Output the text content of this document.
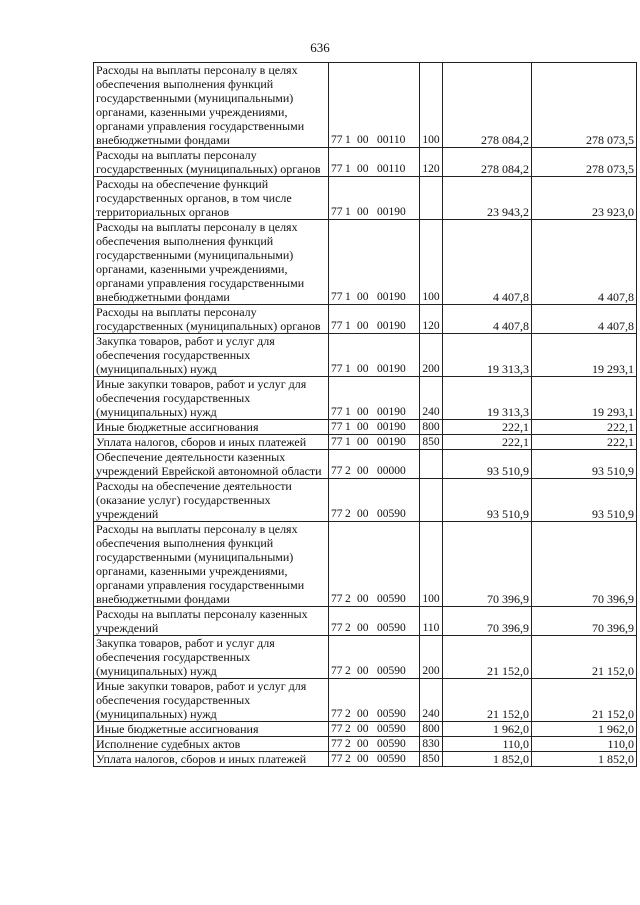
636
Расходы на выплаты персоналу в целях обеспечения выполнения функций государственными (муниципальными) органами, казенными учреждениями, органами управления государственными внебюджетными фондами	77 1 00 00110	100	278 084,2	278 073,5
Расходы на выплаты персоналу государственных (муниципальных) органов	77 1 00 00110	120	278 084,2	278 073,5
Расходы на обеспечение функций государственных органов, в том числе территориальных органов	77 1 00 00190		23 943,2	23 923,0
Расходы на выплаты персоналу в целях обеспечения выполнения функций государственными (муниципальными) органами, казенными учреждениями, органами управления государственными внебюджетными фондами	77 1 00 00190	100	4 407,8	4 407,8
Расходы на выплаты персоналу государственных (муниципальных) органов	77 1 00 00190	120	4 407,8	4 407,8
Закупка товаров, работ и услуг для обеспечения государственных (муниципальных) нужд	77 1 00 00190	200	19 313,3	19 293,1
Иные закупки товаров, работ и услуг для обеспечения государственных (муниципальных) нужд	77 1 00 00190	240	19 313,3	19 293,1
Иные бюджетные ассигнования	77 1 00 00190	800	222,1	222,1
Уплата налогов, сборов и иных платежей	77 1 00 00190	850	222,1	222,1
Обеспечение деятельности казенных учреждений Еврейской автономной области	77 2 00 00000		93 510,9	93 510,9
Расходы на обеспечение деятельности (оказание услуг) государственных учреждений	77 2 00 00590		93 510,9	93 510,9
Расходы на выплаты персоналу в целях обеспечения выполнения функций государственными (муниципальными) органами, казенными учреждениями, органами управления государственными внебюджетными фондами	77 2 00 00590	100	70 396,9	70 396,9
Расходы на выплаты персоналу казенных учреждений	77 2 00 00590	110	70 396,9	70 396,9
Закупка товаров, работ и услуг для обеспечения государственных (муниципальных) нужд	77 2 00 00590	200	21 152,0	21 152,0
Иные закупки товаров, работ и услуг для обеспечения государственных (муниципальных) нужд	77 2 00 00590	240	21 152,0	21 152,0
Иные бюджетные ассигнования	77 2 00 00590	800	1 962,0	1 962,0
Исполнение судебных актов	77 2 00 00590	830	110,0	110,0
Уплата налогов, сборов и иных платежей	77 2 00 00590	850	1 852,0	1 852,0
